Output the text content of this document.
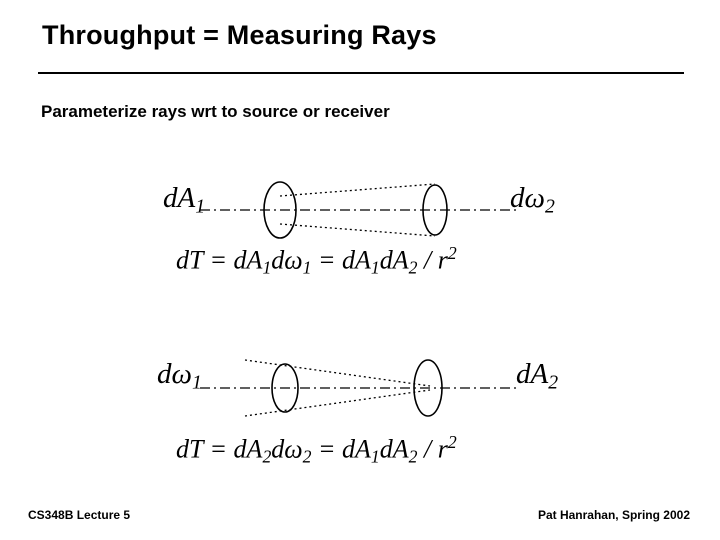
Throughput = Measuring Rays
Parameterize rays wrt to source or receiver
$dA_1$	$d\omega_2$
dT = $dA_1d\omega_1 = dA_1dA_2 / r^2$
$d\omega_1$	$dA_2$
dT = $dA_2d\omega_2 = dA_1dA_2 / r^2$
CS348B Lecture 5	Pat Hanrahan, Spring 2002
